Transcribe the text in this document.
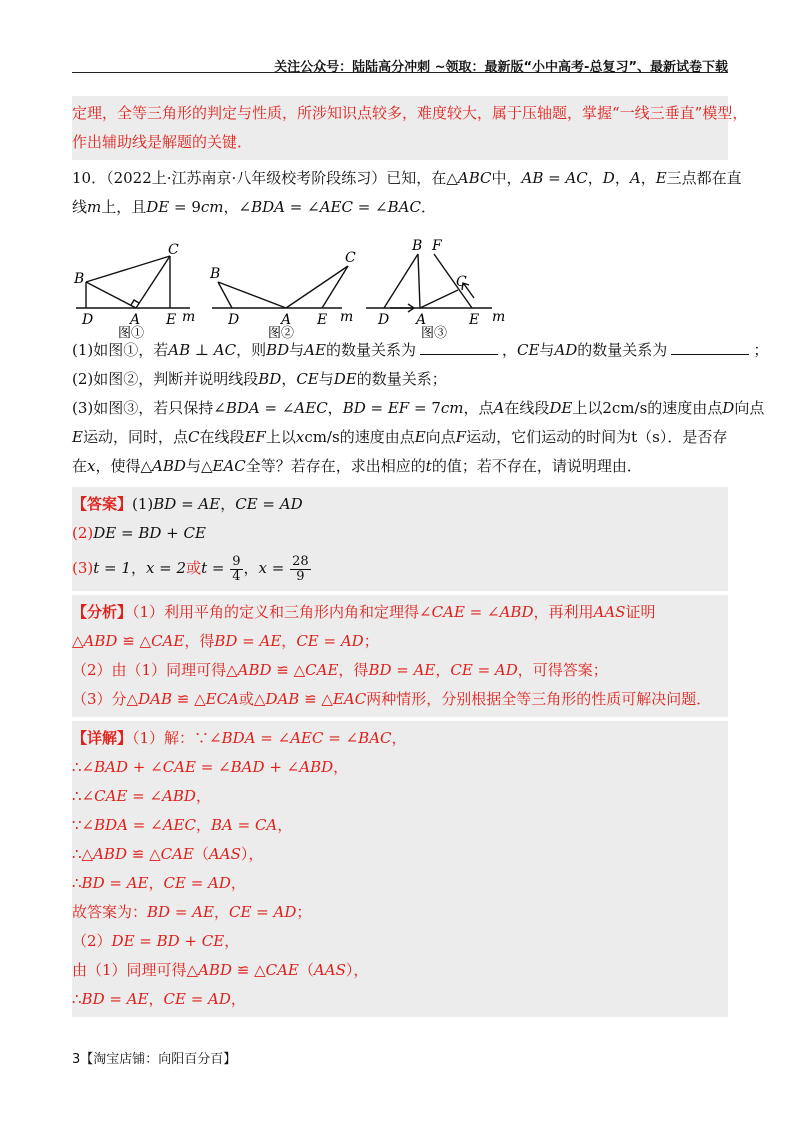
关注公众号：陆陆高分冲刺 ~领取：最新版“小中高考-总复习”、最新试卷下载
定理，全等三角形的判定与性质，所涉知识点较多，难度较大，属于压轴题，掌握“一线三垂直”模型，
作出辅助线是解题的关键．
10．（2022上·江苏南京·八年级校考阶段练习）已知，在△ABC中，AB = AC，D，A，E三点都在直
线m上，且DE = 9cm，∠BDA = ∠AEC = ∠BAC．
B
C
D	A E m
图①
B
C
D	A E m
图②
B F
C
D A	E m
图③
(1)如图①，若AB ⊥ AC，则BD与AE的数量关系为	，CE与AD的数量关系为	；
(2)如图②，判断并说明线段BD，CE与DE的数量关系；
(3)如图③，若只保持∠BDA = ∠AEC，BD = EF = 7cm，点A在线段DE上以2cm/s的速度由点D向点
E运动，同时，点C在线段EF上以xcm/s的速度由点E向点F运动，它们运动的时间为t（s）．是否存
在x，使得△ABD与△EAC全等？若存在，求出相应的t的值；若不存在，请说明理由．
【答案】(1)BD = AE，CE = AD
(2)DE = BD + CE
(3)t = 1，x = 2或$t = \frac{9}{4}$ ，$x = \frac{28}{9}$
【分析】（1）利用平角的定义和三角形内角和定理得∠CAE = ∠ABD，再利用AAS证明
△ABD ≌ △CAE，得BD = AE，CE = AD；
（2）由（1）同理可得△ABD ≌ △CAE，得BD = AE，CE = AD，可得答案；
（3）分△DAB ≌ △ECA或△DAB ≌ △EAC两种情形，分别根据全等三角形的性质可解决问题．
【详解】（1）解：∵∠BDA = ∠AEC = ∠BAC，
∴∠BAD + ∠CAE = ∠BAD + ∠ABD，
∴∠CAE = ∠ABD，
∵∠BDA = ∠AEC，BA = CA，
∴△ABD ≌ △CAE（AAS），
∴BD = AE，CE = AD，
故答案为：BD = AE，CE = AD；
（2）DE = BD + CE，
由（1）同理可得△ABD ≌ △CAE（AAS），
∴BD = AE，CE = AD，
3【淘宝店铺：向阳百分百】
